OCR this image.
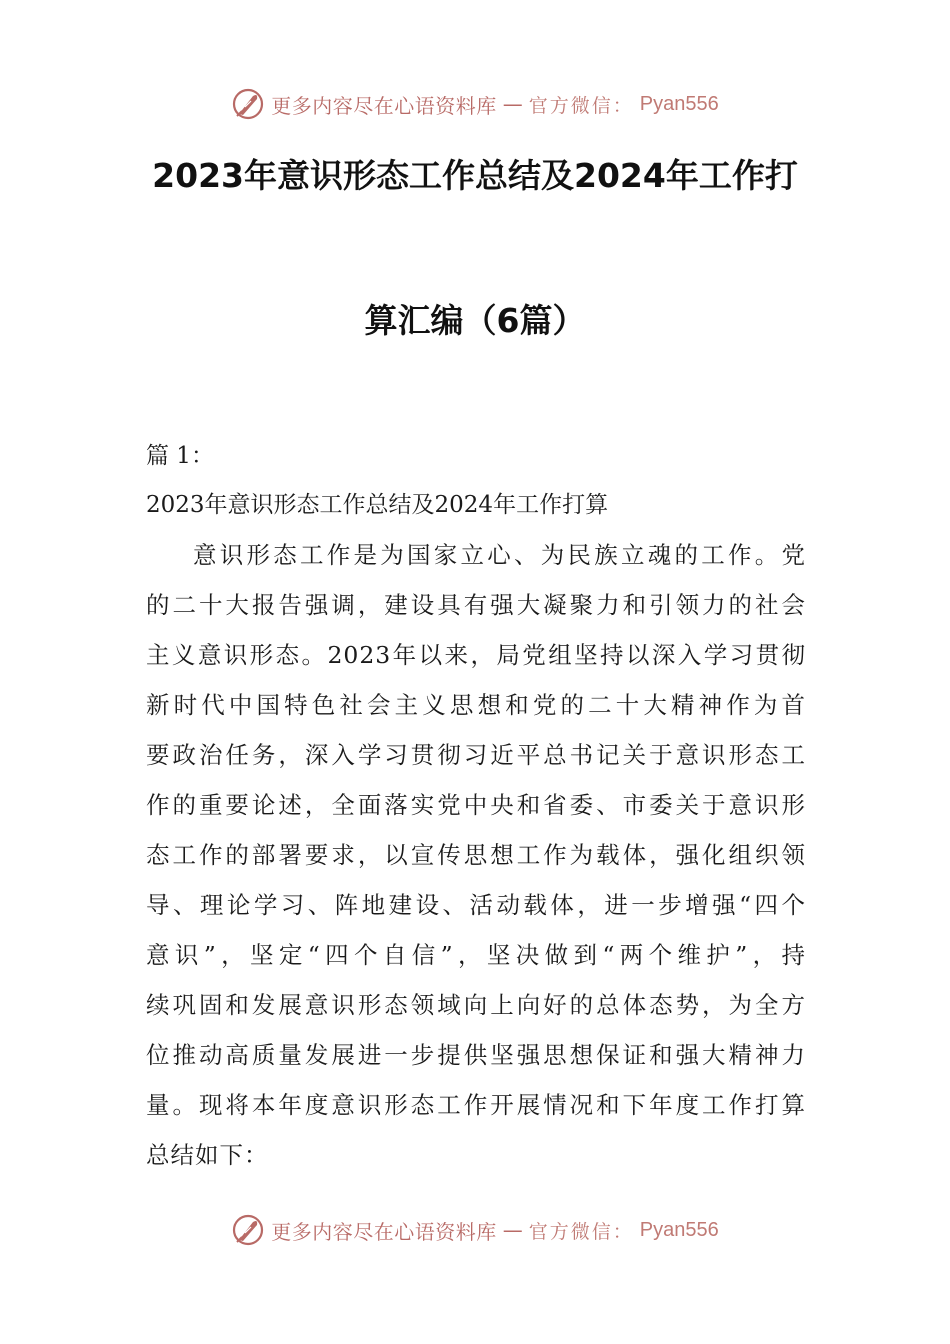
更多内容尽在心语资料库 — 官方微信： Pyan556
2023年意识形态工作总结及2024年工作打
算汇编（6篇）
篇 1：
2023年意识形态工作总结及2024年工作打算
意识形态工作是为国家立心、为民族立魂的工作。党
的二十大报告强调，建设具有强大凝聚力和引领力的社会
主义意识形态。2023年以来，局党组坚持以深入学习贯彻
新时代中国特色社会主义思想和党的二十大精神作为首
要政治任务，深入学习贯彻习近平总书记关于意识形态工
作的重要论述，全面落实党中央和省委、市委关于意识形
态工作的部署要求，以宣传思想工作为载体，强化组织领
导、理论学习、阵地建设、活动载体，进一步增强“四个
意识”，坚定“四个自信”，坚决做到“两个维护”，持
续巩固和发展意识形态领域向上向好的总体态势，为全方
位推动高质量发展进一步提供坚强思想保证和强大精神力
量。现将本年度意识形态工作开展情况和下年度工作打算
总结如下：
更多内容尽在心语资料库 — 官方微信： Pyan556
